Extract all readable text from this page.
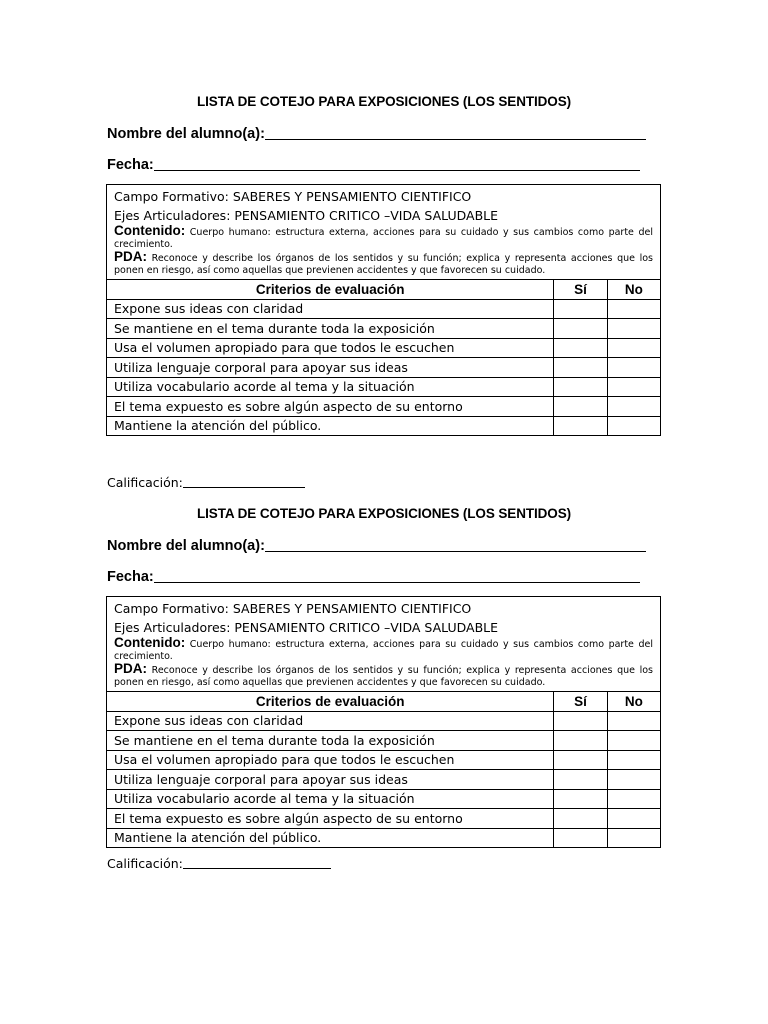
LISTA DE COTEJO PARA EXPOSICIONES (LOS SENTIDOS)

Nombre del alumno(a):
Fecha:
Campo Formativo: SABERES Y PENSAMIENTO CIENTIFICO
Ejes Articuladores: PENSAMIENTO CRITICO –VIDA SALUDABLE
Contenido: Cuerpo humano: estructura externa, acciones para su cuidado y sus cambios como parte del crecimiento.
PDA: Reconoce y describe los órganos de los sentidos y su función; explica y representa acciones que los ponen en riesgo, así como aquellas que previenen accidentes y que favorecen su cuidado.
Criterios de evaluación	Sí	No
Expone sus ideas con claridad		
Se mantiene en el tema durante toda la exposición		
Usa el volumen apropiado para que todos le escuchen		
Utiliza lenguaje corporal para apoyar sus ideas		
Utiliza vocabulario acorde al tema y la situación		
El tema expuesto es sobre algún aspecto de su entorno		
Mantiene la atención del público.		
Calificación:

LISTA DE COTEJO PARA EXPOSICIONES (LOS SENTIDOS)

Nombre del alumno(a):
Fecha:
Campo Formativo: SABERES Y PENSAMIENTO CIENTIFICO
Ejes Articuladores: PENSAMIENTO CRITICO –VIDA SALUDABLE
Contenido: Cuerpo humano: estructura externa, acciones para su cuidado y sus cambios como parte del crecimiento.
PDA: Reconoce y describe los órganos de los sentidos y su función; explica y representa acciones que los ponen en riesgo, así como aquellas que previenen accidentes y que favorecen su cuidado.
Criterios de evaluación	Sí	No
Expone sus ideas con claridad		
Se mantiene en el tema durante toda la exposición		
Usa el volumen apropiado para que todos le escuchen		
Utiliza lenguaje corporal para apoyar sus ideas		
Utiliza vocabulario acorde al tema y la situación		
El tema expuesto es sobre algún aspecto de su entorno		
Mantiene la atención del público.		
Calificación:
